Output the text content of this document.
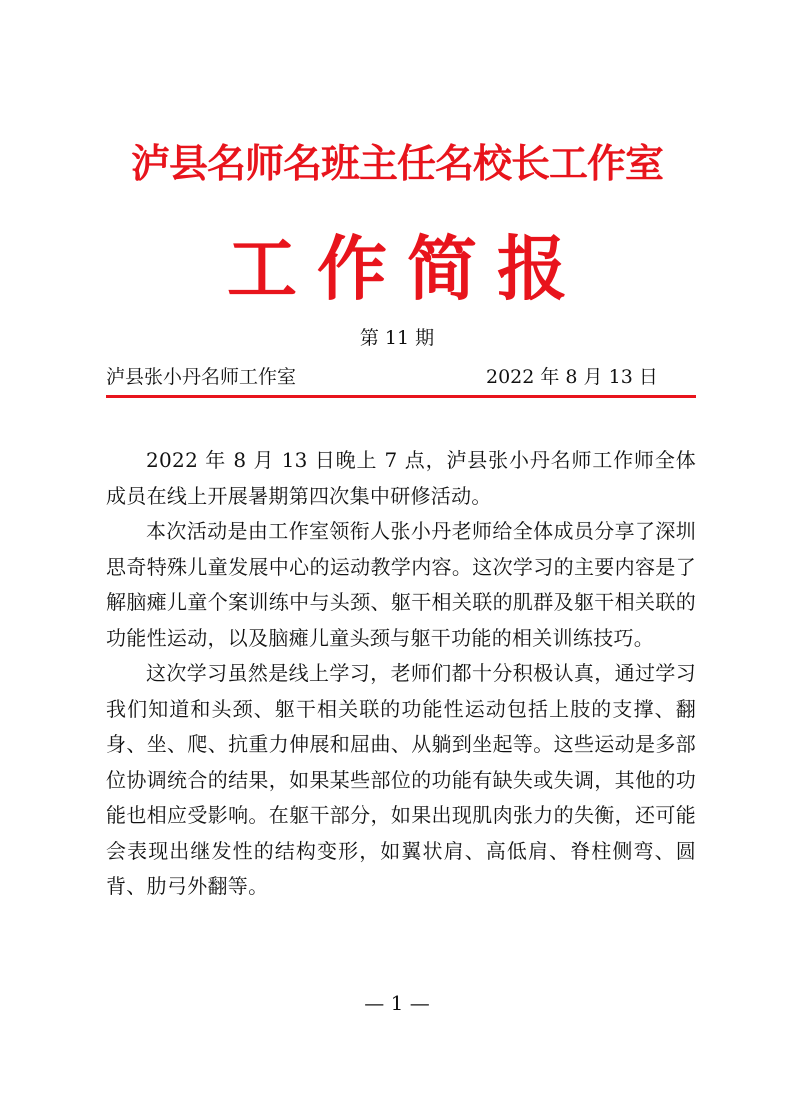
泸县名师名班主任名校长工作室
工作简报
第 11 期
泸县张小丹名师工作室	2022 年 8 月 13 日

2022 年 8 月 13 日晚上 7 点，泸县张小丹名师工作师全体成员在线上开展暑期第四次集中研修活动。

本次活动是由工作室领衔人张小丹老师给全体成员分享了深圳思奇特殊儿童发展中心的运动教学内容。这次学习的主要内容是了解脑瘫儿童个案训练中与头颈、躯干相关联的肌群及躯干相关联的功能性运动，以及脑瘫儿童头颈与躯干功能的相关训练技巧。

这次学习虽然是线上学习，老师们都十分积极认真，通过学习我们知道和头颈、躯干相关联的功能性运动包括上肢的支撑、翻身、坐、爬、抗重力伸展和屈曲、从躺到坐起等。这些运动是多部位协调统合的结果，如果某些部位的功能有缺失或失调，其他的功能也相应受影响。在躯干部分，如果出现肌肉张力的失衡，还可能会表现出继发性的结构变形，如翼状肩、高低肩、脊柱侧弯、圆背、肋弓外翻等。

— 1 —
